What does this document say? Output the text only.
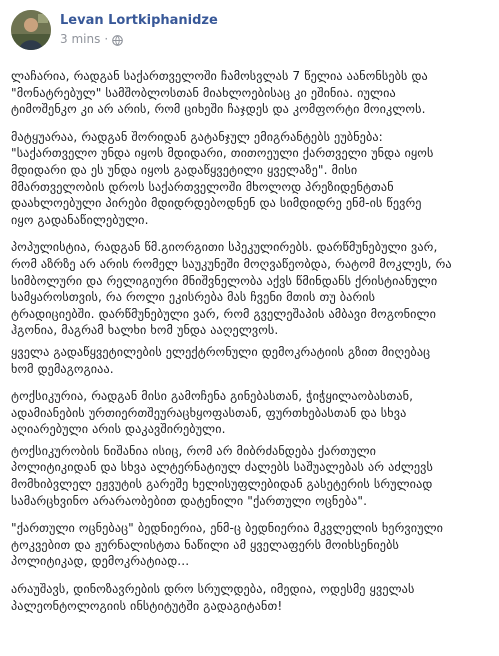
Levan Lortkiphanidze
3 mins ·

ლაჩარია, რადგან საქართველოში ჩამოსვლას 7 წელია აანონსებს და
"მონატრებულ" სამშობლოსთან მიახლოებისაც კი ეშინია. იულია
ტიმოშენკო კი არ არის, რომ ციხეში ჩაჯდეს და კომფორტი მოიკლოს.

მატყუარაა, რადგან შორიდან გატანჯულ ემიგრანტებს ეუბნება:
"საქართველო უნდა იყოს მდიდარი, თითოეული ქართველი უნდა იყოს
მდიდარი და ეს უნდა იყოს გადაწყვეტილი ყველაზე". მისი
მმართველობის დროს საქართველოში მხოლოდ პრეზიდენტთან
დაახლოებული პირები მდიდრდებოდნენ და სიმდიდრე ენმ-ის წევრე
იყო გადანაწილებული.

პოპულისტია, რადგან წმ.გიორგითი სპეკულირებს. დარწმუნებული ვარ,
რომ აზრზე არ არის რომელ საუკუნეში მოღვაწეობდა, რატომ მოკლეს, რა
სიმბოლური და რელიგიური მნიშვნელობა აქვს წმინდანს ქრისტიანული
სამყაროსთვის, რა როლი ეკისრება მას ჩვენი მთის თუ ბარის
ტრადიციებში. დარწმუნებული ვარ, რომ გველეშაპის ამბავი მოგონილი
ჰგონია, მაგრამ ხალხი ხომ უნდა ააღელვოს.

ყველა გადაწყვეტილების ელექტრონული დემოკრატიის გზით მიღებაც
ხომ დემაგოგიაა.

ტოქსიკურია, რადგან მისი გამოჩენა გინებასთან, ჭიჭყილაობასთან,
ადამიანების ურთიერთშეურაცხყოფასთან, ფურთხებასთან და სხვა
აღიარებული არის დაკავშირებული.

ტოქსიკურობის ნიშანია ისიც, რომ არ მიბრძანდება ქართული
პოლიტიკიდან და სხვა ალტერნატიულ ძალებს საშუალებას არ აძლევს
მომხიბვლელ ეჟვუტის გარეშე ხელისუფლებიდან გასეტერის სრულიად
სამარცხვინო არარაობებით დატენილი "ქართული ოცნება".

"ქართული ოცნებაც" ბედნიერია, ენმ-ც ბედნიერია მკვლელის ხერვიული
ტოკვებით და ჟურნალისტთა ნაწილი ამ ყველაფერს მოიხსენიებს
პოლიტიკად, დემოკრატიად...

არაუშავს, დინოზავრების დრო სრულდება, იმედია, ოდესმე ყველას
პალეონტოლოგიის ინსტიტუტში გადაგიტანთ!
